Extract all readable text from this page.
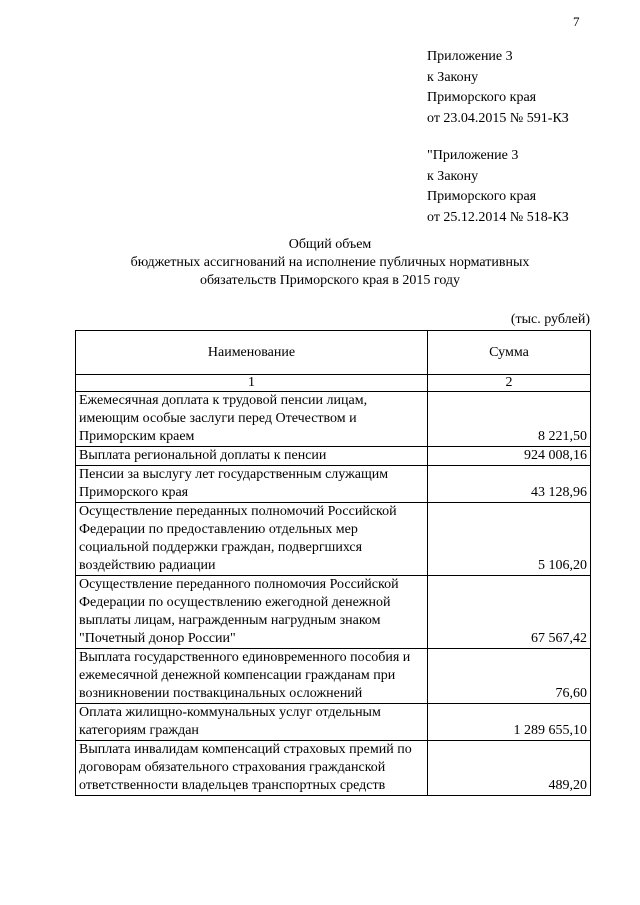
7
Приложение 3
к Закону
Приморского края
от 23.04.2015 № 591-КЗ
"Приложение 3
к Закону
Приморского края
от 25.12.2014 № 518-КЗ
Общий объем
бюджетных ассигнований на исполнение публичных нормативных
обязательств Приморского края в 2015 году
(тыс. рублей)
Наименование	Сумма
1	2
Ежемесячная доплата к трудовой пенсии лицам, имеющим особые заслуги перед Отечеством и Приморским краем	8 221,50
Выплата региональной доплаты к пенсии	924 008,16
Пенсии за выслугу лет государственным служащим Приморского края	43 128,96
Осуществление переданных полномочий Российской Федерации по предоставлению отдельных мер социальной поддержки граждан, подвергшихся воздействию радиации	5 106,20
Осуществление переданного полномочия Российской Федерации по осуществлению ежегодной денежной выплаты лицам, награжденным нагрудным знаком "Почетный донор России"	67 567,42
Выплата государственного единовременного пособия и ежемесячной денежной компенсации гражданам при возникновении поствакцинальных осложнений	76,60
Оплата жилищно-коммунальных услуг отдельным категориям граждан	1 289 655,10
Выплата инвалидам компенсаций страховых премий по договорам обязательного страхования гражданской ответственности владельцев транспортных средств	489,20
